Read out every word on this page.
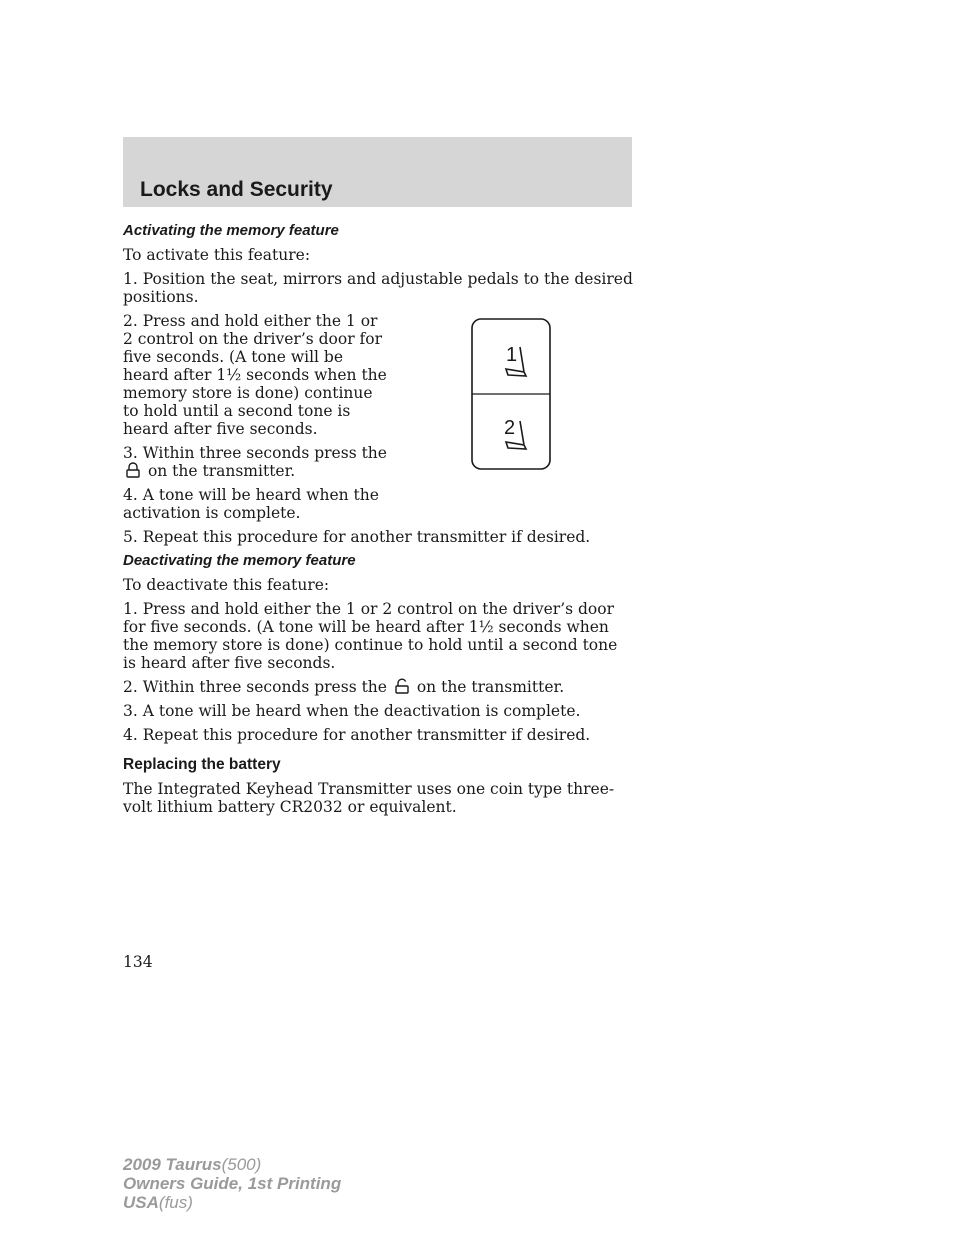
Locks and Security
Activating the memory feature

To activate this feature:

1. Position the seat, mirrors and adjustable pedals to the desired positions.

2. Press and hold either the 1 or 2 control on the driver’s door for five seconds. (A tone will be heard after 1½ seconds when the memory store is done) continue to hold until a second tone is heard after five seconds.

3. Within three seconds press the  on the transmitter.

4. A tone will be heard when the activation is complete.

5. Repeat this procedure for another transmitter if desired.

Deactivating the memory feature

To deactivate this feature:

1. Press and hold either the 1 or 2 control on the driver’s door for five seconds. (A tone will be heard after 1½ seconds when the memory store is done) continue to hold until a second tone is heard after five seconds.

2. Within three seconds press the on the transmitter.

3. A tone will be heard when the deactivation is complete.

4. Repeat this procedure for another transmitter if desired.

Replacing the battery

The Integrated Keyhead Transmitter uses one coin type three-volt lithium battery CR2032 or equivalent.

1
2
134
2009 Taurus(500)
Owners Guide, 1st Printing
USA(fus)
